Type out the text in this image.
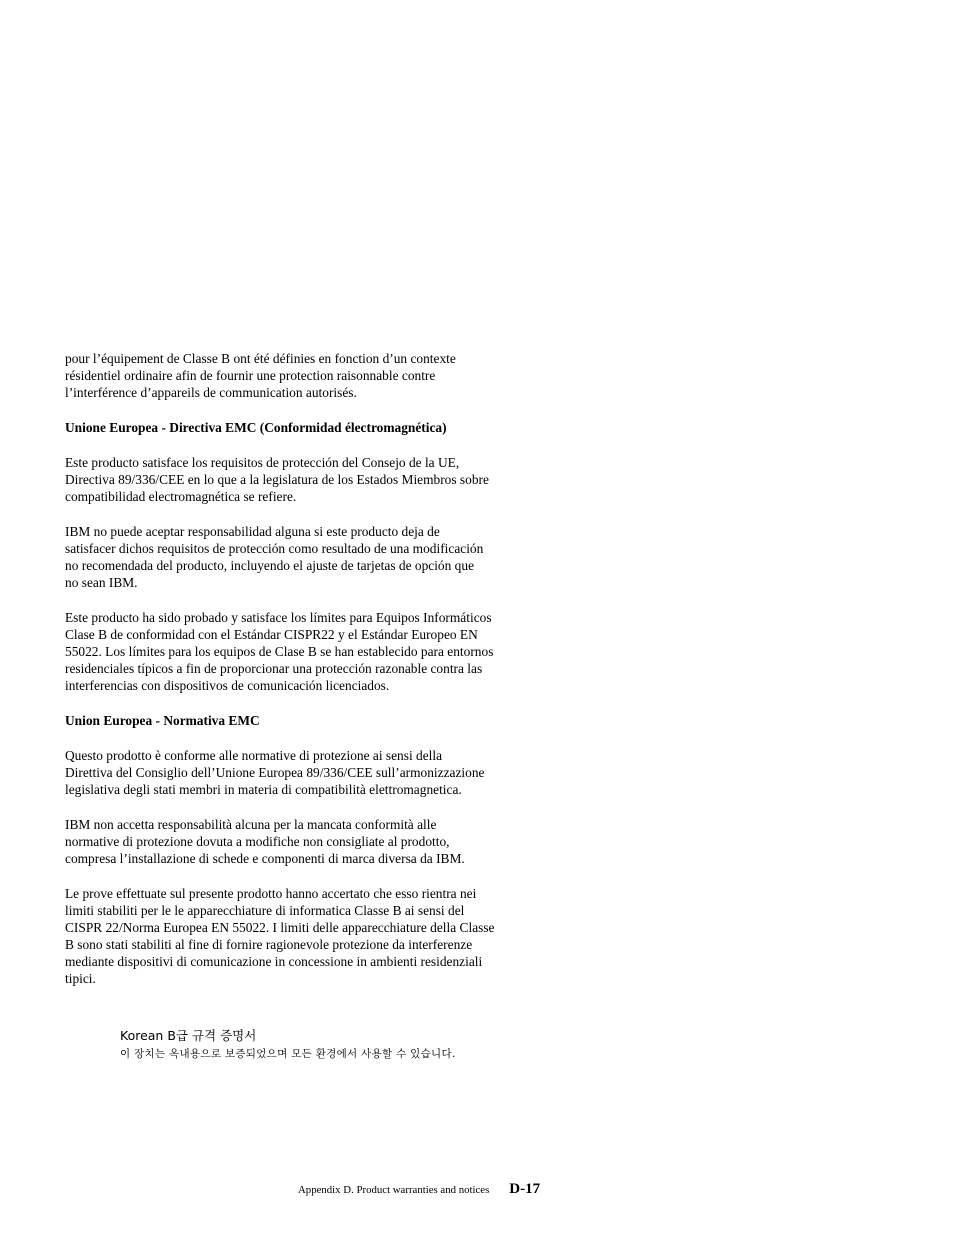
pour l’équipement de Classe B ont été définies en fonction d’un contexte
résidentiel ordinaire afin de fournir une protection raisonnable contre
l’interférence d’appareils de communication autorisés.

Unione Europea - Directiva EMC (Conformidad électromagnética)

Este producto satisface los requisitos de protección del Consejo de la UE,
Directiva 89/336/CEE en lo que a la legislatura de los Estados Miembros sobre
compatibilidad electromagnética se refiere.

IBM no puede aceptar responsabilidad alguna si este producto deja de
satisfacer dichos requisitos de protección como resultado de una modificación
no recomendada del producto, incluyendo el ajuste de tarjetas de opción que
no sean IBM.

Este producto ha sido probado y satisface los límites para Equipos Informáticos
Clase B de conformidad con el Estándar CISPR22 y el Estándar Europeo EN
55022. Los límites para los equipos de Clase B se han establecido para entornos
residenciales típicos a fin de proporcionar una protección razonable contra las
interferencias con dispositivos de comunicación licenciados.

Union Europea - Normativa EMC

Questo prodotto è conforme alle normative di protezione ai sensi della
Direttiva del Consiglio dell’Unione Europea 89/336/CEE sull’armonizzazione
legislativa degli stati membri in materia di compatibilità elettromagnetica.

IBM non accetta responsabilità alcuna per la mancata conformità alle
normative di protezione dovuta a modifiche non consigliate al prodotto,
compresa l’installazione di schede e componenti di marca diversa da IBM.

Le prove effettuate sul presente prodotto hanno accertato che esso rientra nei
limiti stabiliti per le le apparecchiature di informatica Classe B ai sensi del
CISPR 22/Norma Europea EN 55022. I limiti delle apparecchiature della Classe
B sono stati stabiliti al fine di fornire ragionevole protezione da interferenze
mediante dispositivi di comunicazione in concessione in ambienti residenziali
tipici.

Korean B급 규격 증명서
이 장치는 옥내용으로 보증되었으며 모든 환경에서 사용할 수 있습니다.
Appendix D. Product warranties and notices D-17
